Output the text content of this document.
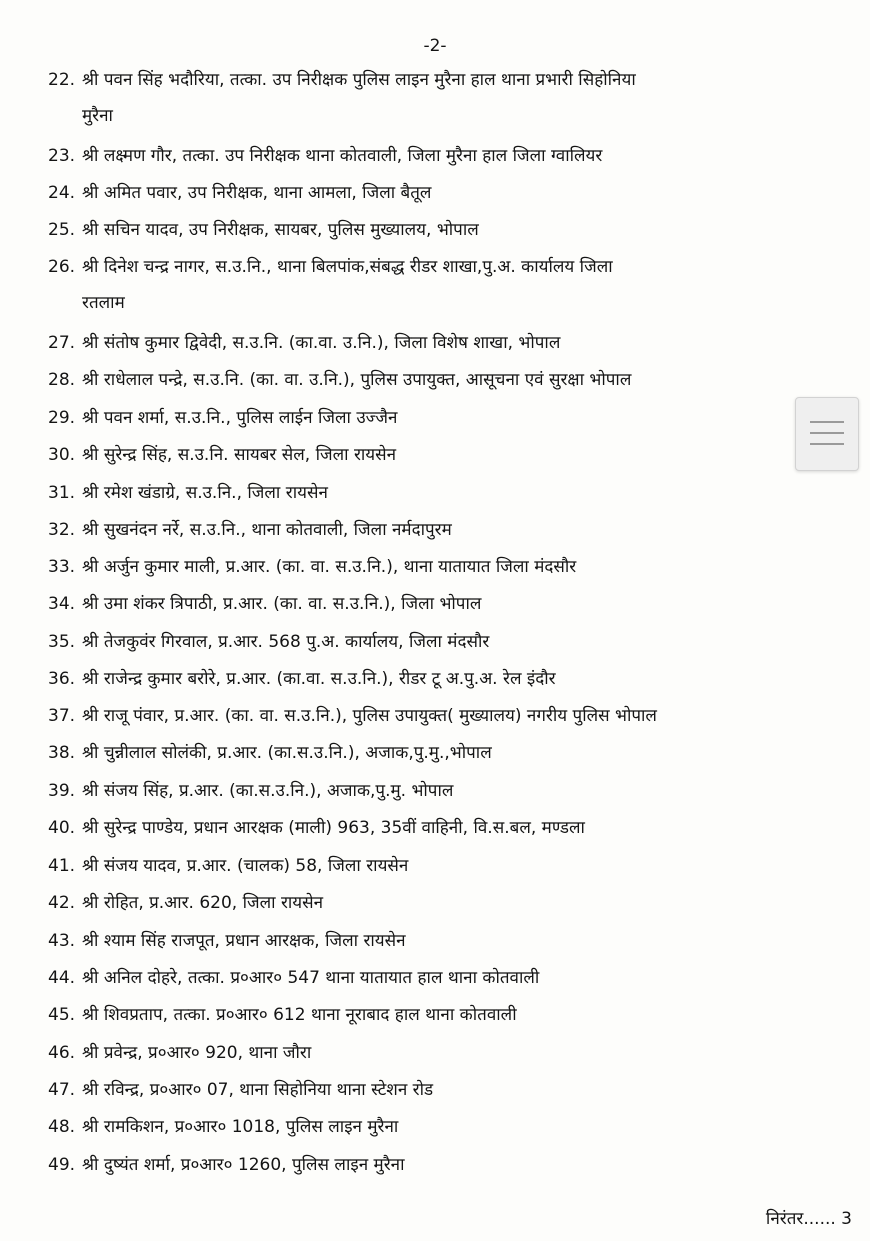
-2-
22. श्री पवन सिंह भदौरिया, तत्का. उप निरीक्षक पुलिस लाइन मुरैना हाल थाना प्रभारी सिहोनिया
मुरैना
23. श्री लक्ष्मण गौर, तत्का. उप निरीक्षक थाना कोतवाली, जिला मुरैना हाल जिला ग्वालियर
24. श्री अमित पवार, उप निरीक्षक, थाना आमला, जिला बैतूल
25. श्री सचिन यादव, उप निरीक्षक, सायबर, पुलिस मुख्यालय, भोपाल
26. श्री दिनेश चन्द्र नागर, स.उ.नि., थाना बिलपांक,संबद्ध रीडर शाखा,पु.अ. कार्यालय जिला
रतलाम
27. श्री संतोष कुमार द्विवेदी, स.उ.नि. (का.वा. उ.नि.), जिला विशेष शाखा, भोपाल
28. श्री राधेलाल पन्द्रे, स.उ.नि. (का. वा. उ.नि.), पुलिस उपायुक्त, आसूचना एवं सुरक्षा भोपाल
29. श्री पवन शर्मा, स.उ.नि., पुलिस लाईन जिला उज्जैन
30. श्री सुरेन्द्र सिंह, स.उ.नि. सायबर सेल, जिला रायसेन
31. श्री रमेश खंडाग्रे, स.उ.नि., जिला रायसेन
32. श्री सुखनंदन नर्रे, स.उ.नि., थाना कोतवाली, जिला नर्मदापुरम
33. श्री अर्जुन कुमार माली, प्र.आर. (का. वा. स.उ.नि.), थाना यातायात जिला मंदसौर
34. श्री उमा शंकर त्रिपाठी, प्र.आर. (का. वा. स.उ.नि.), जिला भोपाल
35. श्री तेजकुवंर गिरवाल, प्र.आर. 568 पु.अ. कार्यालय, जिला मंदसौर
36. श्री राजेन्द्र कुमार बरोरे, प्र.आर. (का.वा. स.उ.नि.), रीडर टू अ.पु.अ. रेल इंदौर
37. श्री राजू पंवार, प्र.आर. (का. वा. स.उ.नि.), पुलिस उपायुक्त( मुख्यालय) नगरीय पुलिस भोपाल
38. श्री चुन्नीलाल सोलंकी, प्र.आर. (का.स.उ.नि.), अजाक,पु.मु.,भोपाल
39. श्री संजय सिंह, प्र.आर. (का.स.उ.नि.), अजाक,पु.मु. भोपाल
40. श्री सुरेन्द्र पाण्डेय, प्रधान आरक्षक (माली) 963, 35वीं वाहिनी, वि.स.बल, मण्डला
41. श्री संजय यादव, प्र.आर. (चालक) 58, जिला रायसेन
42. श्री रोहित, प्र.आर. 620, जिला रायसेन
43. श्री श्याम सिंह राजपूत, प्रधान आरक्षक, जिला रायसेन
44. श्री अनिल दोहरे, तत्का. प्र०आर० 547 थाना यातायात हाल थाना कोतवाली
45. श्री शिवप्रताप, तत्का. प्र०आर० 612 थाना नूराबाद हाल थाना कोतवाली
46. श्री प्रवेन्द्र, प्र०आर० 920, थाना जौरा
47. श्री रविन्द्र, प्र०आर० 07, थाना सिहोनिया थाना स्टेशन रोड
48. श्री रामकिशन, प्र०आर० 1018, पुलिस लाइन मुरैना
49. श्री दुष्यंत शर्मा, प्र०आर० 1260, पुलिस लाइन मुरैना
निरंतर...... 3
